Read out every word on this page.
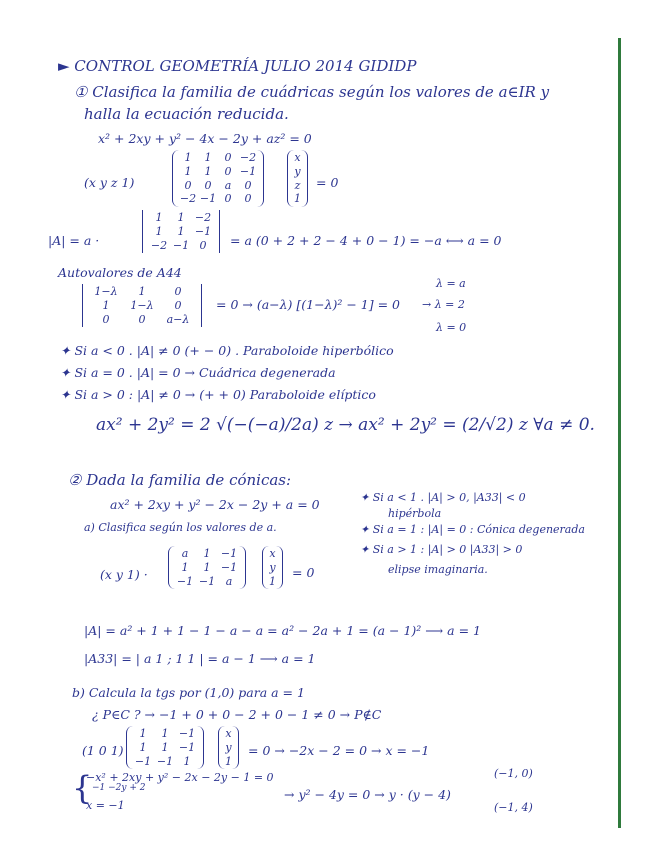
► CONTROL GEOMETRÍA JULIO 2014 GIDIDP
① Clasifica la familia de cuádricas según los valores de a∈IR y
halla la ecuación reducida.
x² + 2xy + y² − 4x − 2y + az² = 0
(x y z 1)
1	1	0 −2
1	1	0 −1
0	0	a	0
−2 −1 0	0
x
y
z
1
= 0
|A| = a ·
1	1 −2
1	1 −1
−2 −1 0	= a (0 + 2 + 2 − 4 + 0 − 1) = −a ⟷ a = 0
Autovalores de A44
1−λ	1	0
1	1−λ	0
0	0	a−λ
= 0 → (a−λ) [(1−λ)² − 1] = 0
λ = a
→ λ = 2
λ = 0
✦ Si a < 0 . |A| ≠ 0 (+ − 0) . Paraboloide hiperbólico
✦ Si a = 0 . |A| = 0 → Cuádrica degenerada
✦ Si a > 0 : |A| ≠ 0 → (+ + 0) Paraboloide elíptico
ax² + 2y² = 2 √(−(−a)/2a) z → ax² + 2y² = (2/√2) z ∀a ≠ 0.
② Dada la familia de cónicas:
ax² + 2xy + y² − 2x − 2y + a = 0
a) Clasifica según los valores de a.
✦ Si a < 1 . |A| > 0, |A33| < 0
hipérbola
✦ Si a = 1 : |A| = 0 : Cónica degenerada
✦ Si a > 1 : |A| > 0 |A33| > 0
elipse imaginaria.
(x y 1) ·
a	1 −1
1	1 −1
−1 −1 a
x
y
1
= 0
|A| = a² + 1 + 1 − 1 − a − a = a² − 2a + 1 = (a − 1)² ⟶ a = 1
|A33| = | a 1 ; 1 1 | = a − 1 ⟶ a = 1
b) Calcula la tgs por (1,0) para a = 1
¿ P∈C ? → −1 + 0 + 0 − 2 + 0 − 1 ≠ 0 → P∉C
(1 0 1)
1	1 −1
1	1 −1
−1 −1 1
x
y
1
= 0 → −2x − 2 = 0 → x = −1
{
−x² + 2xy + y² − 2x − 2y − 1 = 0
−1 −2y + 2
x = −1
→ y² − 4y = 0 → y · (y − 4)
(−1, 0)
(−1, 4)
